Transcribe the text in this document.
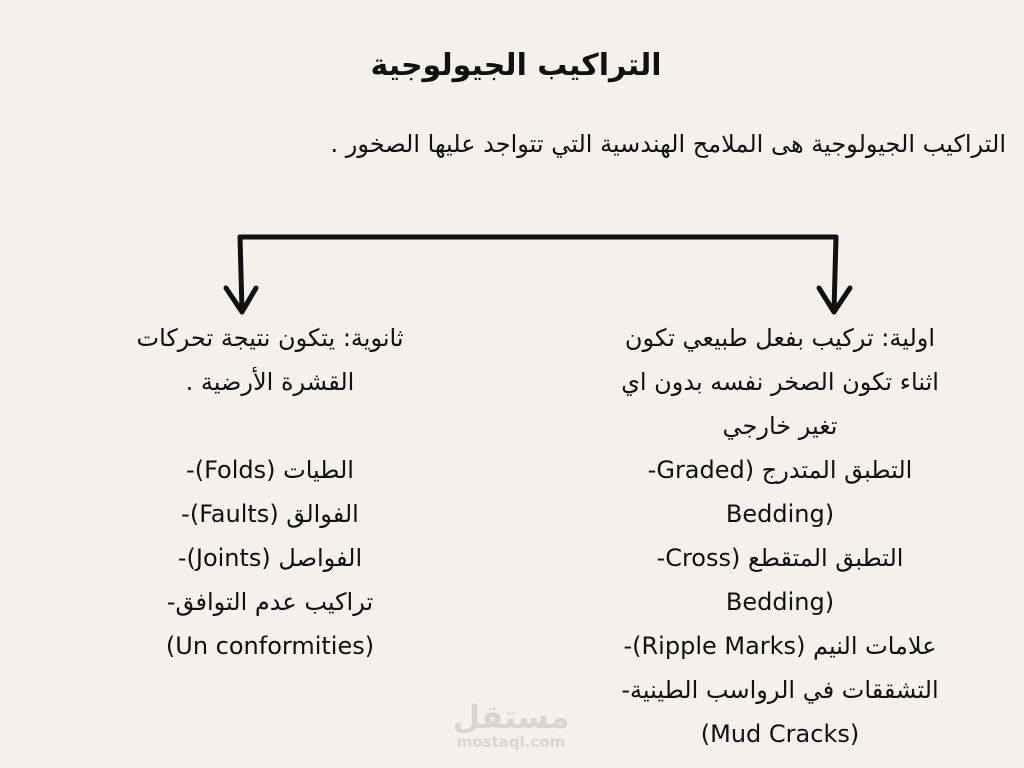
التراكيب الجيولوجية
التراكيب الجيولوجية هى الملامح الهندسية التي تتواجد عليها الصخور .
اولية: تركيب بفعل طبيعي تكون
اثناء تكون الصخر نفسه بدون اي
تغير خارجي
التطبق المتدرج (Graded-
(Bedding
التطبق المتقطع (Cross-
(Bedding
علامات النيم (Ripple Marks)-
التشققات في الرواسب الطينية-
(Mud Cracks)
ثانوية: يتكون نتيجة تحركات
القشرة الأرضية .
الطيات (Folds)-
الفوالق (Faults)-
الفواصل (Joints)-
تراكيب عدم التوافق-
(Un conformities)
مستقل
mostaql.com
